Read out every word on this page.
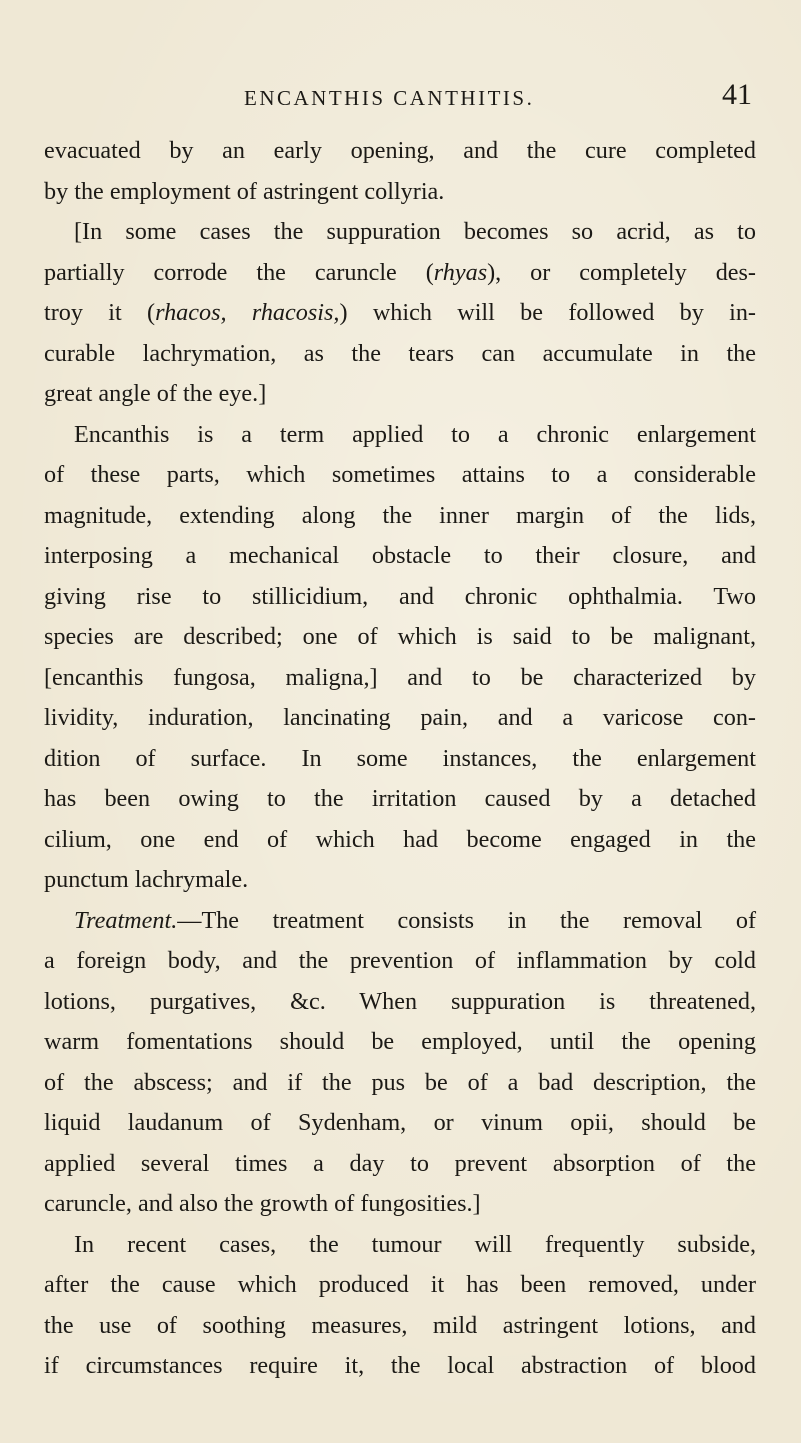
ENCANTHIS CANTHITIS.	41
evacuated by an early opening, and the cure completed
by the employment of astringent collyria.
[In some cases the suppuration becomes so acrid, as to
partially corrode the caruncle (rhyas), or completely des-
troy it (rhacos, rhacosis,) which will be followed by in-
curable lachrymation, as the tears can accumulate in the
great angle of the eye.]
Encanthis is a term applied to a chronic enlargement
of these parts, which sometimes attains to a considerable
magnitude, extending along the inner margin of the lids,
interposing a mechanical obstacle to their closure, and
giving rise to stillicidium, and chronic ophthalmia. Two
species are described; one of which is said to be malignant,
[encanthis fungosa, maligna,] and to be characterized by
lividity, induration, lancinating pain, and a varicose con-
dition of surface. In some instances, the enlargement
has been owing to the irritation caused by a detached
cilium, one end of which had become engaged in the
punctum lachrymale.
Treatment.—The treatment consists in the removal of
a foreign body, and the prevention of inflammation by cold
lotions, purgatives, &c. When suppuration is threatened,
warm fomentations should be employed, until the opening
of the abscess; and if the pus be of a bad description, the
liquid laudanum of Sydenham, or vinum opii, should be
applied several times a day to prevent absorption of the
caruncle, and also the growth of fungosities.]
In recent cases, the tumour will frequently subside,
after the cause which produced it has been removed, under
the use of soothing measures, mild astringent lotions, and
if circumstances require it, the local abstraction of blood
